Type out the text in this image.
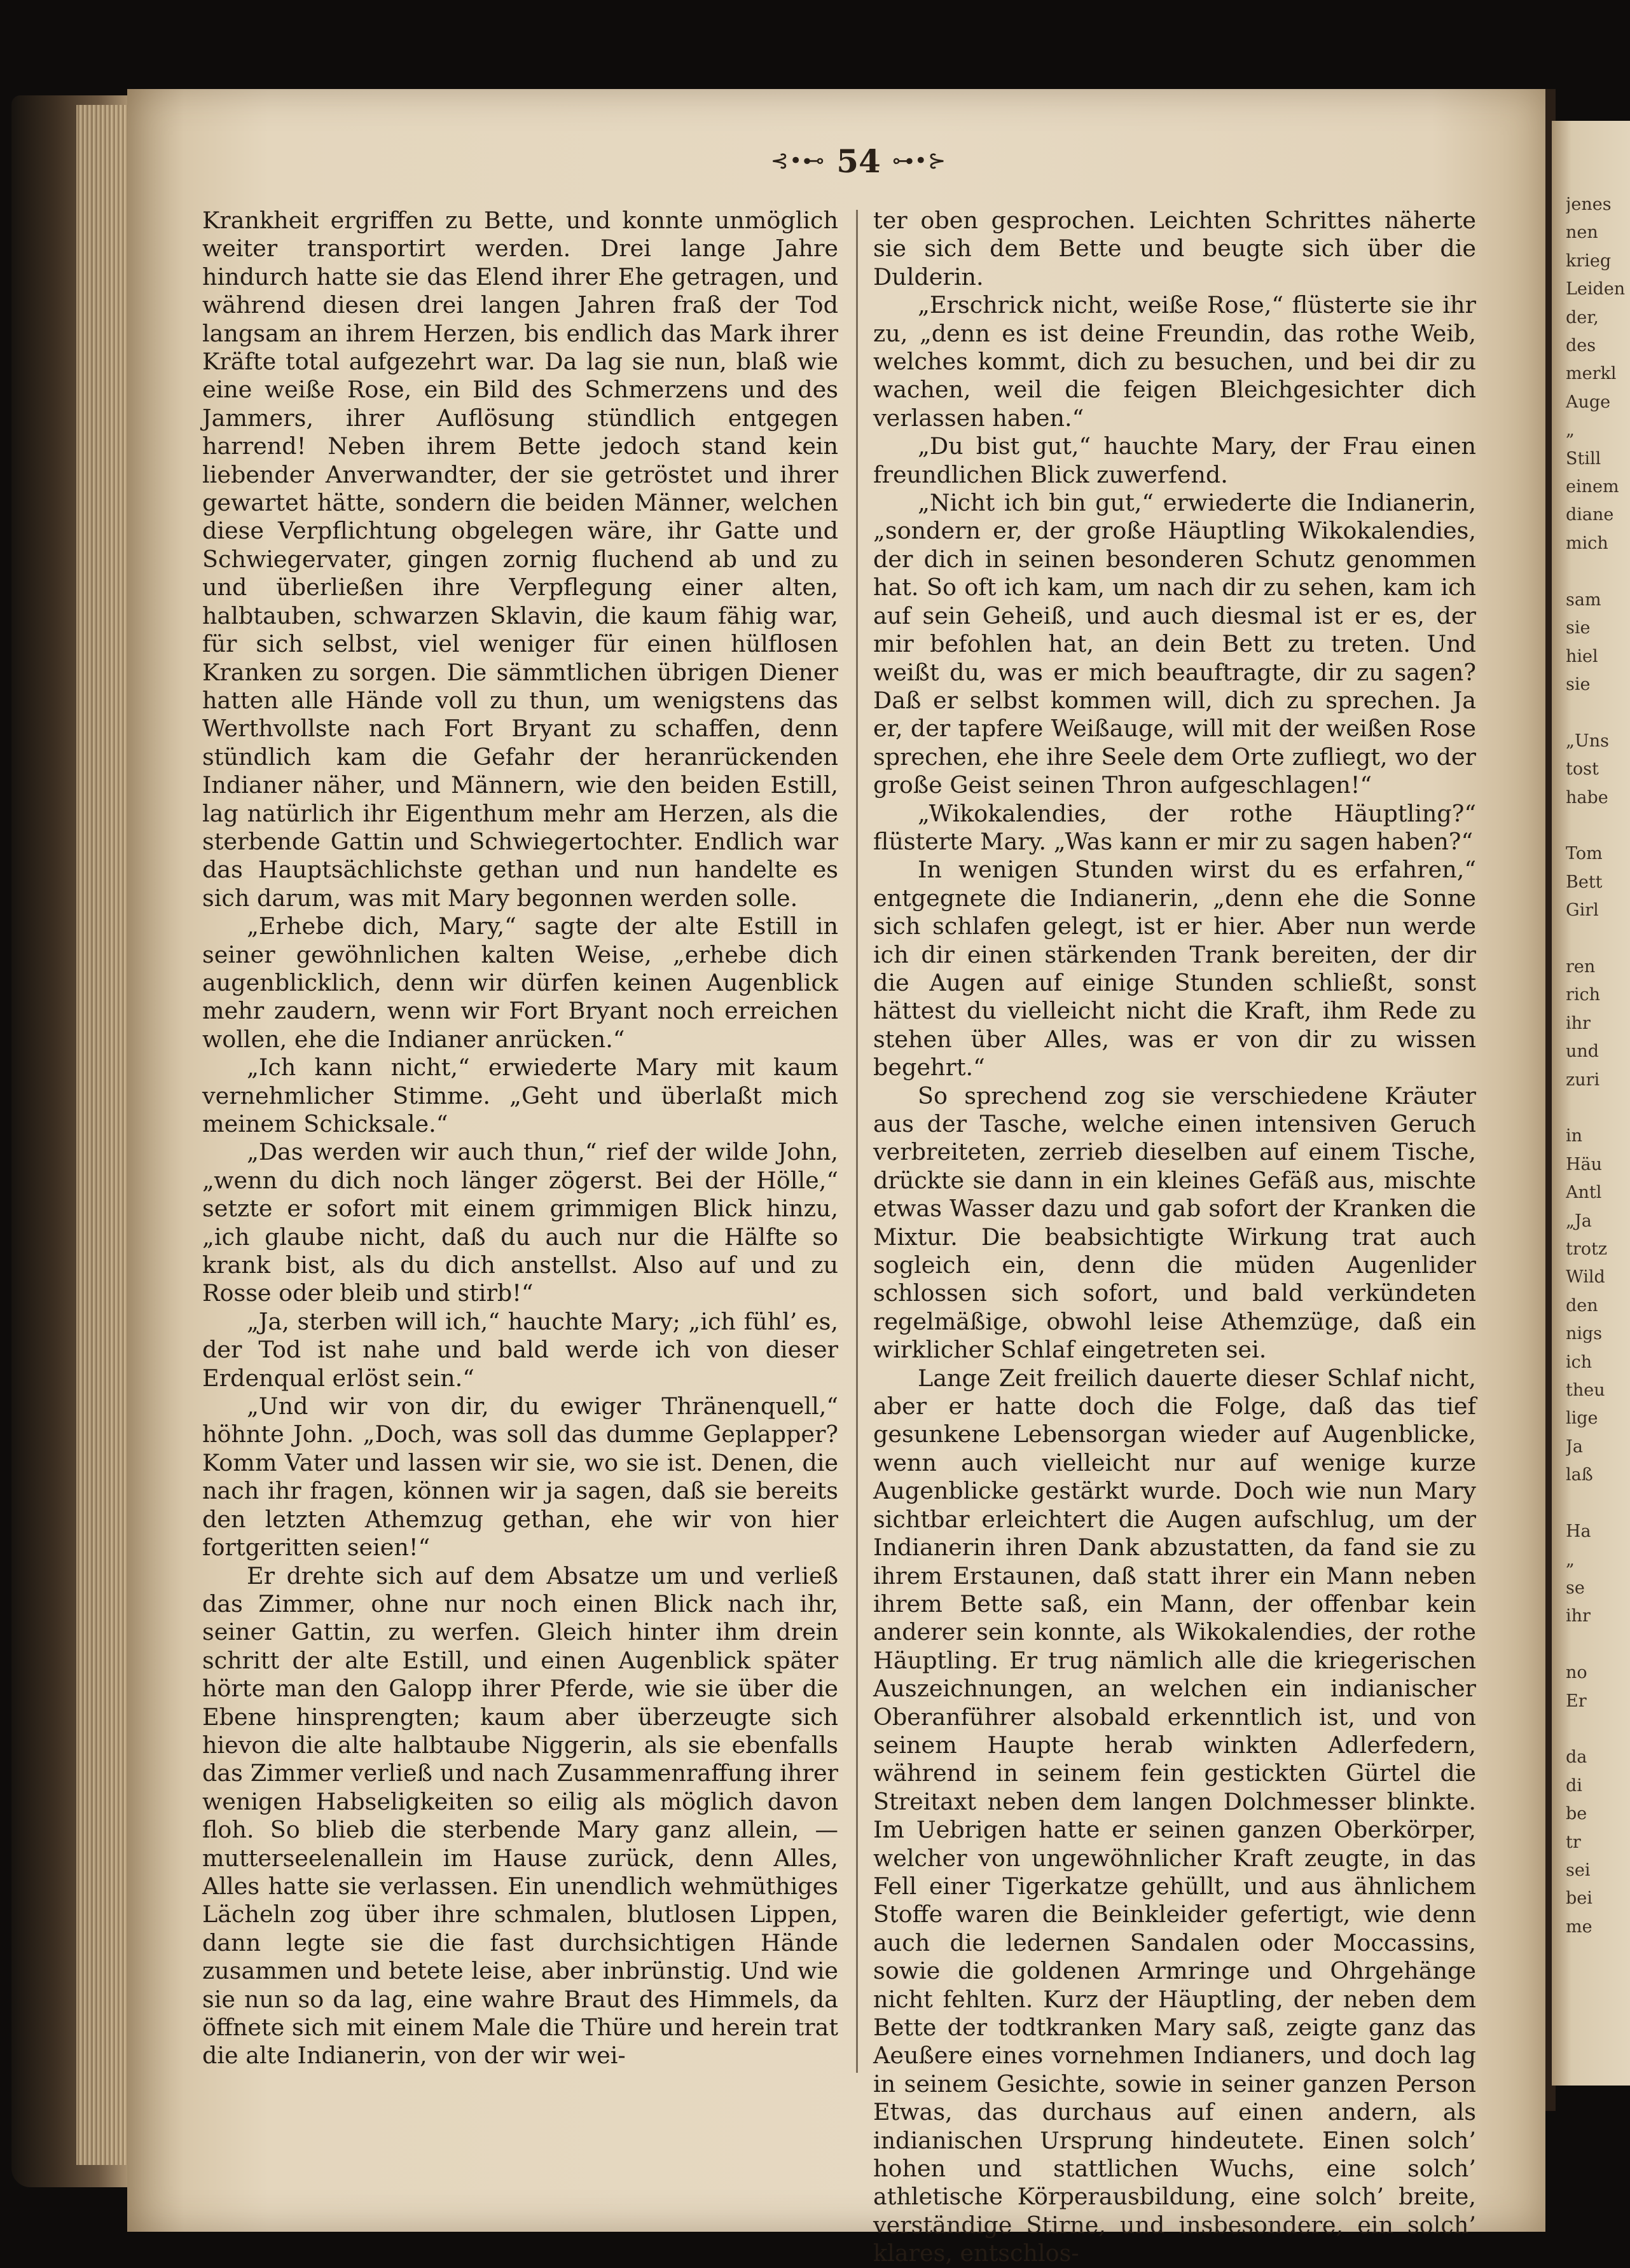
⊰•⊷ 54 ⊶•⊱

Krankheit ergriffen zu Bette, und konnte unmöglich weiter transportirt werden. Drei lange Jahre hindurch hatte sie das Elend ihrer Ehe getragen, und während diesen drei langen Jahren fraß der Tod langsam an ihrem Herzen, bis endlich das Mark ihrer Kräfte total aufgezehrt war. Da lag sie nun, blaß wie eine weiße Rose, ein Bild des Schmerzens und des Jammers, ihrer Auflösung stündlich entgegen harrend! Neben ihrem Bette jedoch stand kein liebender Anverwandter, der sie getröstet und ihrer gewartet hätte, sondern die beiden Männer, welchen diese Verpflichtung obgelegen wäre, ihr Gatte und Schwiegervater, gingen zornig fluchend ab und zu und überließen ihre Verpflegung einer alten, halbtauben, schwarzen Sklavin, die kaum fähig war, für sich selbst, viel weniger für einen hülflosen Kranken zu sorgen. Die sämmtlichen übrigen Diener hatten alle Hände voll zu thun, um wenigstens das Werthvollste nach Fort Bryant zu schaffen, denn stündlich kam die Gefahr der heranrückenden Indianer näher, und Männern, wie den beiden Estill, lag natürlich ihr Eigenthum mehr am Herzen, als die sterbende Gattin und Schwiegertochter. Endlich war das Hauptsächlichste gethan und nun handelte es sich darum, was mit Mary begonnen werden solle.

„Erhebe dich, Mary,“ sagte der alte Estill in seiner gewöhnlichen kalten Weise, „erhebe dich augenblicklich, denn wir dürfen keinen Augenblick mehr zaudern, wenn wir Fort Bryant noch erreichen wollen, ehe die Indianer anrücken.“

„Ich kann nicht,“ erwiederte Mary mit kaum vernehmlicher Stimme. „Geht und überlaßt mich meinem Schicksale.“

„Das werden wir auch thun,“ rief der wilde John, „wenn du dich noch länger zögerst. Bei der Hölle,“ setzte er sofort mit einem grimmigen Blick hinzu, „ich glaube nicht, daß du auch nur die Hälfte so krank bist, als du dich anstellst. Also auf und zu Rosse oder bleib und stirb!“

„Ja, sterben will ich,“ hauchte Mary; „ich fühl’ es, der Tod ist nahe und bald werde ich von dieser Erdenqual erlöst sein.“

„Und wir von dir, du ewiger Thränenquell,“ höhnte John. „Doch, was soll das dumme Geplapper? Komm Vater und lassen wir sie, wo sie ist. Denen, die nach ihr fragen, können wir ja sagen, daß sie bereits den letzten Athemzug gethan, ehe wir von hier fortgeritten seien!“

Er drehte sich auf dem Absatze um und verließ das Zimmer, ohne nur noch einen Blick nach ihr, seiner Gattin, zu werfen. Gleich hinter ihm drein schritt der alte Estill, und einen Augenblick später hörte man den Galopp ihrer Pferde, wie sie über die Ebene hinsprengten; kaum aber überzeugte sich hievon die alte halbtaube Niggerin, als sie ebenfalls das Zimmer verließ und nach Zusammenraffung ihrer wenigen Habseligkeiten so eilig als möglich davon floh. So blieb die sterbende Mary ganz allein, — mutterseelenallein im Hause zurück, denn Alles, Alles hatte sie verlassen. Ein unendlich wehmüthiges Lächeln zog über ihre schmalen, blutlosen Lippen, dann legte sie die fast durchsichtigen Hände zusammen und betete leise, aber inbrünstig. Und wie sie nun so da lag, eine wahre Braut des Himmels, da öffnete sich mit einem Male die Thüre und herein trat die alte Indianerin, von der wir wei-

ter oben gesprochen. Leichten Schrittes näherte sie sich dem Bette und beugte sich über die Dulderin.

„Erschrick nicht, weiße Rose,“ flüsterte sie ihr zu, „denn es ist deine Freundin, das rothe Weib, welches kommt, dich zu besuchen, und bei dir zu wachen, weil die feigen Bleichgesichter dich verlassen haben.“

„Du bist gut,“ hauchte Mary, der Frau einen freundlichen Blick zuwerfend.

„Nicht ich bin gut,“ erwiederte die Indianerin, „sondern er, der große Häuptling Wikokalendies, der dich in seinen besonderen Schutz genommen hat. So oft ich kam, um nach dir zu sehen, kam ich auf sein Geheiß, und auch diesmal ist er es, der mir befohlen hat, an dein Bett zu treten. Und weißt du, was er mich beauftragte, dir zu sagen? Daß er selbst kommen will, dich zu sprechen. Ja er, der tapfere Weißauge, will mit der weißen Rose sprechen, ehe ihre Seele dem Orte zufliegt, wo der große Geist seinen Thron aufgeschlagen!“

„Wikokalendies, der rothe Häuptling?“ flüsterte Mary. „Was kann er mir zu sagen haben?“

In wenigen Stunden wirst du es erfahren,“ entgegnete die Indianerin, „denn ehe die Sonne sich schlafen gelegt, ist er hier. Aber nun werde ich dir einen stärkenden Trank bereiten, der dir die Augen auf einige Stunden schließt, sonst hättest du vielleicht nicht die Kraft, ihm Rede zu stehen über Alles, was er von dir zu wissen begehrt.“

So sprechend zog sie verschiedene Kräuter aus der Tasche, welche einen intensiven Geruch verbreiteten, zerrieb dieselben auf einem Tische, drückte sie dann in ein kleines Gefäß aus, mischte etwas Wasser dazu und gab sofort der Kranken die Mixtur. Die beabsichtigte Wirkung trat auch sogleich ein, denn die müden Augenlider schlossen sich sofort, und bald verkündeten regelmäßige, obwohl leise Athemzüge, daß ein wirklicher Schlaf eingetreten sei.

Lange Zeit freilich dauerte dieser Schlaf nicht, aber er hatte doch die Folge, daß das tief gesunkene Lebensorgan wieder auf Augenblicke, wenn auch vielleicht nur auf wenige kurze Augenblicke gestärkt wurde. Doch wie nun Mary sichtbar erleichtert die Augen aufschlug, um der Indianerin ihren Dank abzustatten, da fand sie zu ihrem Erstaunen, daß statt ihrer ein Mann neben ihrem Bette saß, ein Mann, der offenbar kein anderer sein konnte, als Wikokalendies, der rothe Häuptling. Er trug nämlich alle die kriegerischen Auszeichnungen, an welchen ein indianischer Oberanführer alsobald erkenntlich ist, und von seinem Haupte herab winkten Adlerfedern, während in seinem fein gestickten Gürtel die Streitaxt neben dem langen Dolchmesser blinkte. Im Uebrigen hatte er seinen ganzen Oberkörper, welcher von ungewöhnlicher Kraft zeugte, in das Fell einer Tigerkatze gehüllt, und aus ähnlichem Stoffe waren die Beinkleider gefertigt, wie denn auch die ledernen Sandalen oder Moccassins, sowie die goldenen Armringe und Ohrgehänge nicht fehlten. Kurz der Häuptling, der neben dem Bette der todtkranken Mary saß, zeigte ganz das Aeußere eines vornehmen Indianers, und doch lag in seinem Gesichte, sowie in seiner ganzen Person Etwas, das durchaus auf einen andern, als indianischen Ursprung hindeutete. Einen solch’ hohen und stattlichen Wuchs, eine solch’ athletische Körperausbildung, eine solch’ breite, verständige Stirne, und insbesondere, ein solch’ klares, entschlos-

jenes
nen
krieg
Leiden
der,
des
merkl
Auge
„
Still
einem
diane
mich

sam
sie
hiel
sie

„Uns
tost
habe

Tom
Bett
Girl

ren
rich
ihr
und
zuri

in
Häu
Antl
„Ja
trotz
Wild
den
nigs
ich
theu
lige
Ja
laß

Ha
„
se
ihr

no
Er

da
di
be
tr
sei
bei
me
